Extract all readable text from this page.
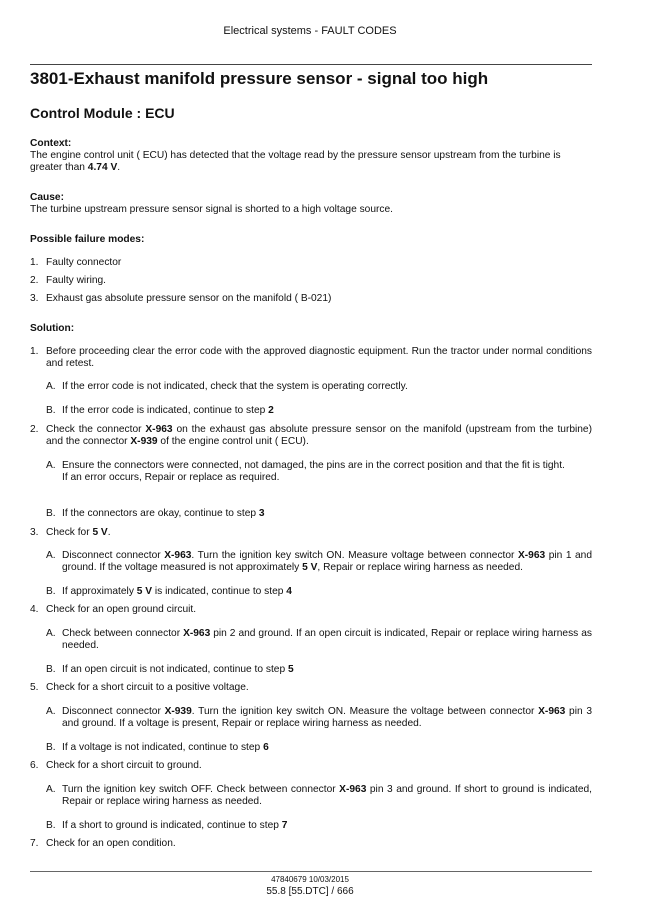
Electrical systems - FAULT CODES
3801-Exhaust manifold pressure sensor - signal too high
Control Module : ECU
Context:
The engine control unit ( ECU) has detected that the voltage read by the pressure sensor upstream from the turbine is greater than 4.74 V.
Cause:
The turbine upstream pressure sensor signal is shorted to a high voltage source.
Possible failure modes:
1. Faulty connector
2. Faulty wiring.
3. Exhaust gas absolute pressure sensor on the manifold ( B-021)
Solution:
1. Before proceeding clear the error code with the approved diagnostic equipment. Run the tractor under normal conditions and retest.
A. If the error code is not indicated, check that the system is operating correctly.
B. If the error code is indicated, continue to step 2
2. Check the connector X-963 on the exhaust gas absolute pressure sensor on the manifold (upstream from the turbine) and the connector X-939 of the engine control unit ( ECU).
A. Ensure the connectors were connected, not damaged, the pins are in the correct position and that the fit is tight.
If an error occurs, Repair or replace as required.
B. If the connectors are okay, continue to step 3
3. Check for 5 V.
A. Disconnect connector X-963. Turn the ignition key switch ON. Measure voltage between connector X-963 pin 1 and ground. If the voltage measured is not approximately 5 V, Repair or replace wiring harness as needed.
B. If approximately 5 V is indicated, continue to step 4
4. Check for an open ground circuit.
A. Check between connector X-963 pin 2 and ground. If an open circuit is indicated, Repair or replace wiring harness as needed.
B. If an open circuit is not indicated, continue to step 5
5. Check for a short circuit to a positive voltage.
A. Disconnect connector X-939. Turn the ignition key switch ON. Measure the voltage between connector X-963 pin 3 and ground. If a voltage is present, Repair or replace wiring harness as needed.
B. If a voltage is not indicated, continue to step 6
6. Check for a short circuit to ground.
A. Turn the ignition key switch OFF. Check between connector X-963 pin 3 and ground. If short to ground is indicated, Repair or replace wiring harness as needed.
B. If a short to ground is indicated, continue to step 7
7. Check for an open condition.
47840679 10/03/2015
55.8 [55.DTC] / 666
